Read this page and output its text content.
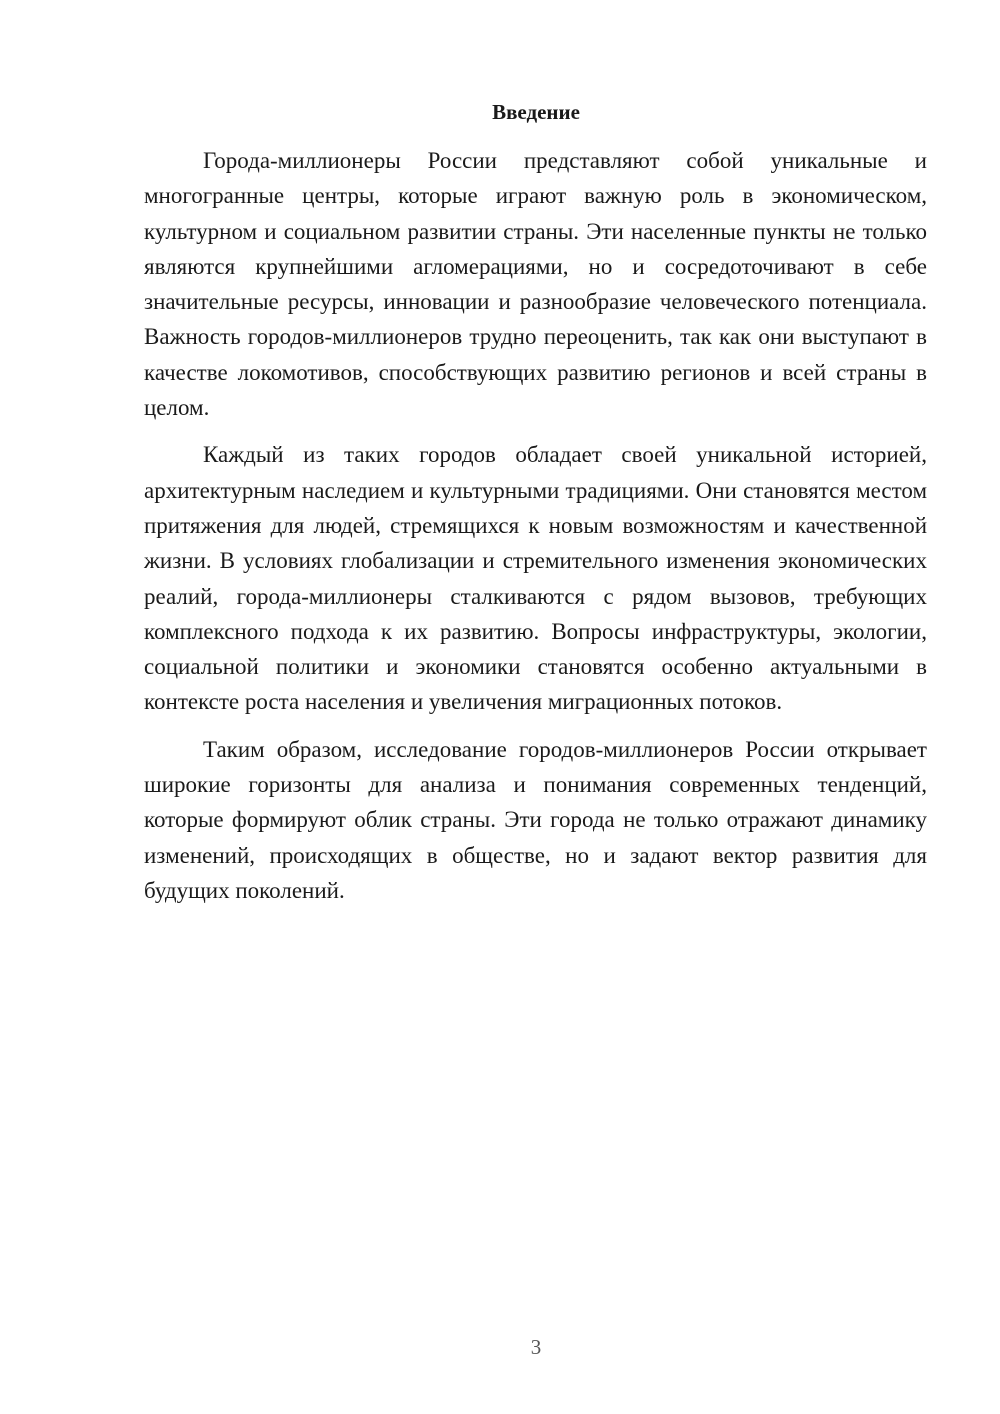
Введение

Города-миллионеры России представляют собой уникальные и многогранные центры, которые играют важную роль в экономическом, культурном и социальном развитии страны. Эти населенные пункты не только являются крупнейшими агломерациями, но и сосредоточивают в себе значительные ресурсы, инновации и разнообразие человеческого потенциала. Важность городов-миллионеров трудно переоценить, так как они выступают в качестве локомотивов, способствующих развитию регионов и всей страны в целом.

Каждый из таких городов обладает своей уникальной историей, архитектурным наследием и культурными традициями. Они становятся местом притяжения для людей, стремящихся к новым возможностям и качественной жизни. В условиях глобализации и стремительного изменения экономических реалий, города-миллионеры сталкиваются с рядом вызовов, требующих комплексного подхода к их развитию. Вопросы инфраструктуры, экологии, социальной политики и экономики становятся особенно актуальными в контексте роста населения и увеличения миграционных потоков.

Таким образом, исследование городов-миллионеров России открывает широкие горизонты для анализа и понимания современных тенденций, которые формируют облик страны. Эти города не только отражают динамику изменений, происходящих в обществе, но и задают вектор развития для будущих поколений.

3
